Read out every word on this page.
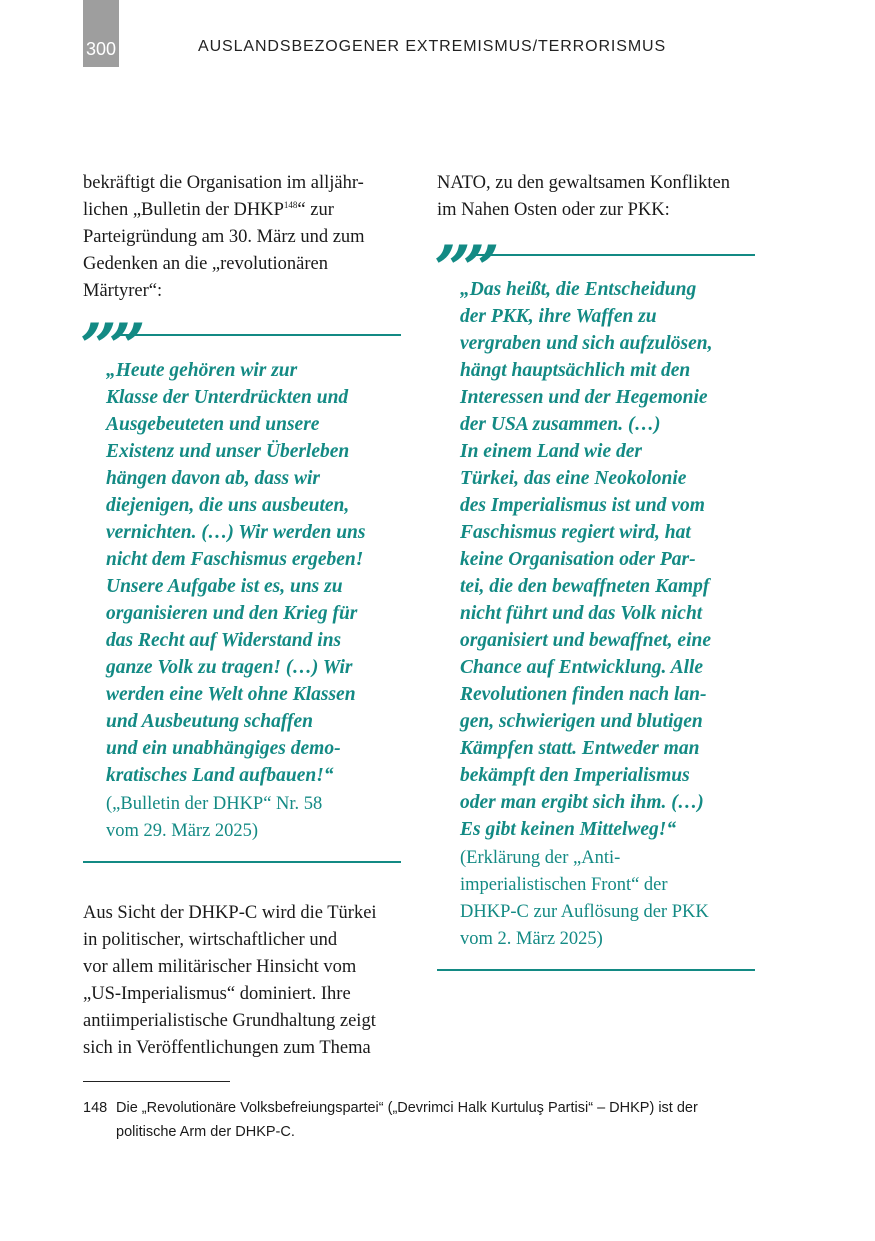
300	AUSLANDSBEZOGENER EXTREMISMUS/TERRORISMUS

bekräftigt die Organisation im alljähr-
lichen „Bulletin der DHKP$^{148}$“ zur
Parteigründung am 30. März und zum
Gedenken an die „revolutionären
Märtyrer“:

””

„Heute gehören wir zur
Klasse der Unterdrückten und
Ausgebeuteten und unsere
Existenz und unser Überleben
hängen davon ab, dass wir
diejenigen, die uns ausbeuten,
vernichten. (…) Wir werden uns
nicht dem Faschismus ergeben!
Unsere Aufgabe ist es, uns zu
organisieren und den Krieg für
das Recht auf Widerstand ins
ganze Volk zu tragen! (…) Wir
werden eine Welt ohne Klassen
und Ausbeutung schaffen
und ein unabhängiges demo-
kratisches Land aufbauen!“

(„Bulletin der DHKP“ Nr. 58
vom 29. März 2025)

Aus Sicht der DHKP-C wird die Türkei
in politischer, wirtschaftlicher und
vor allem militärischer Hinsicht vom
„US-Imperialismus“ dominiert. Ihre
antiimperialistische Grundhaltung zeigt
sich in Veröffentlichungen zum Thema

NATO, zu den gewaltsamen Konflikten
im Nahen Osten oder zur PKK:

””

„Das heißt, die Entscheidung
der PKK, ihre Waffen zu
vergraben und sich aufzulösen,
hängt hauptsächlich mit den
Interessen und der Hegemonie
der USA zusammen. (…)
In einem Land wie der
Türkei, das eine Neokolonie
des Imperialismus ist und vom
Faschismus regiert wird, hat
keine Organisation oder Par-
tei, die den bewaffneten Kampf
nicht führt und das Volk nicht
organisiert und bewaffnet, eine
Chance auf Entwicklung. Alle
Revolutionen finden nach lan-
gen, schwierigen und blutigen
Kämpfen statt. Entweder man
bekämpft den Imperialismus
oder man ergibt sich ihm. (…)
Es gibt keinen Mittelweg!“

(Erklärung der „Anti-
imperialistischen Front“ der
DHKP-C zur Auflösung der PKK
vom 2. März 2025)

148 Die „Revolutionäre Volksbefreiungspartei“ („Devrimci Halk Kurtuluş Partisi“ – DHKP) ist der
politische Arm der DHKP-C.
